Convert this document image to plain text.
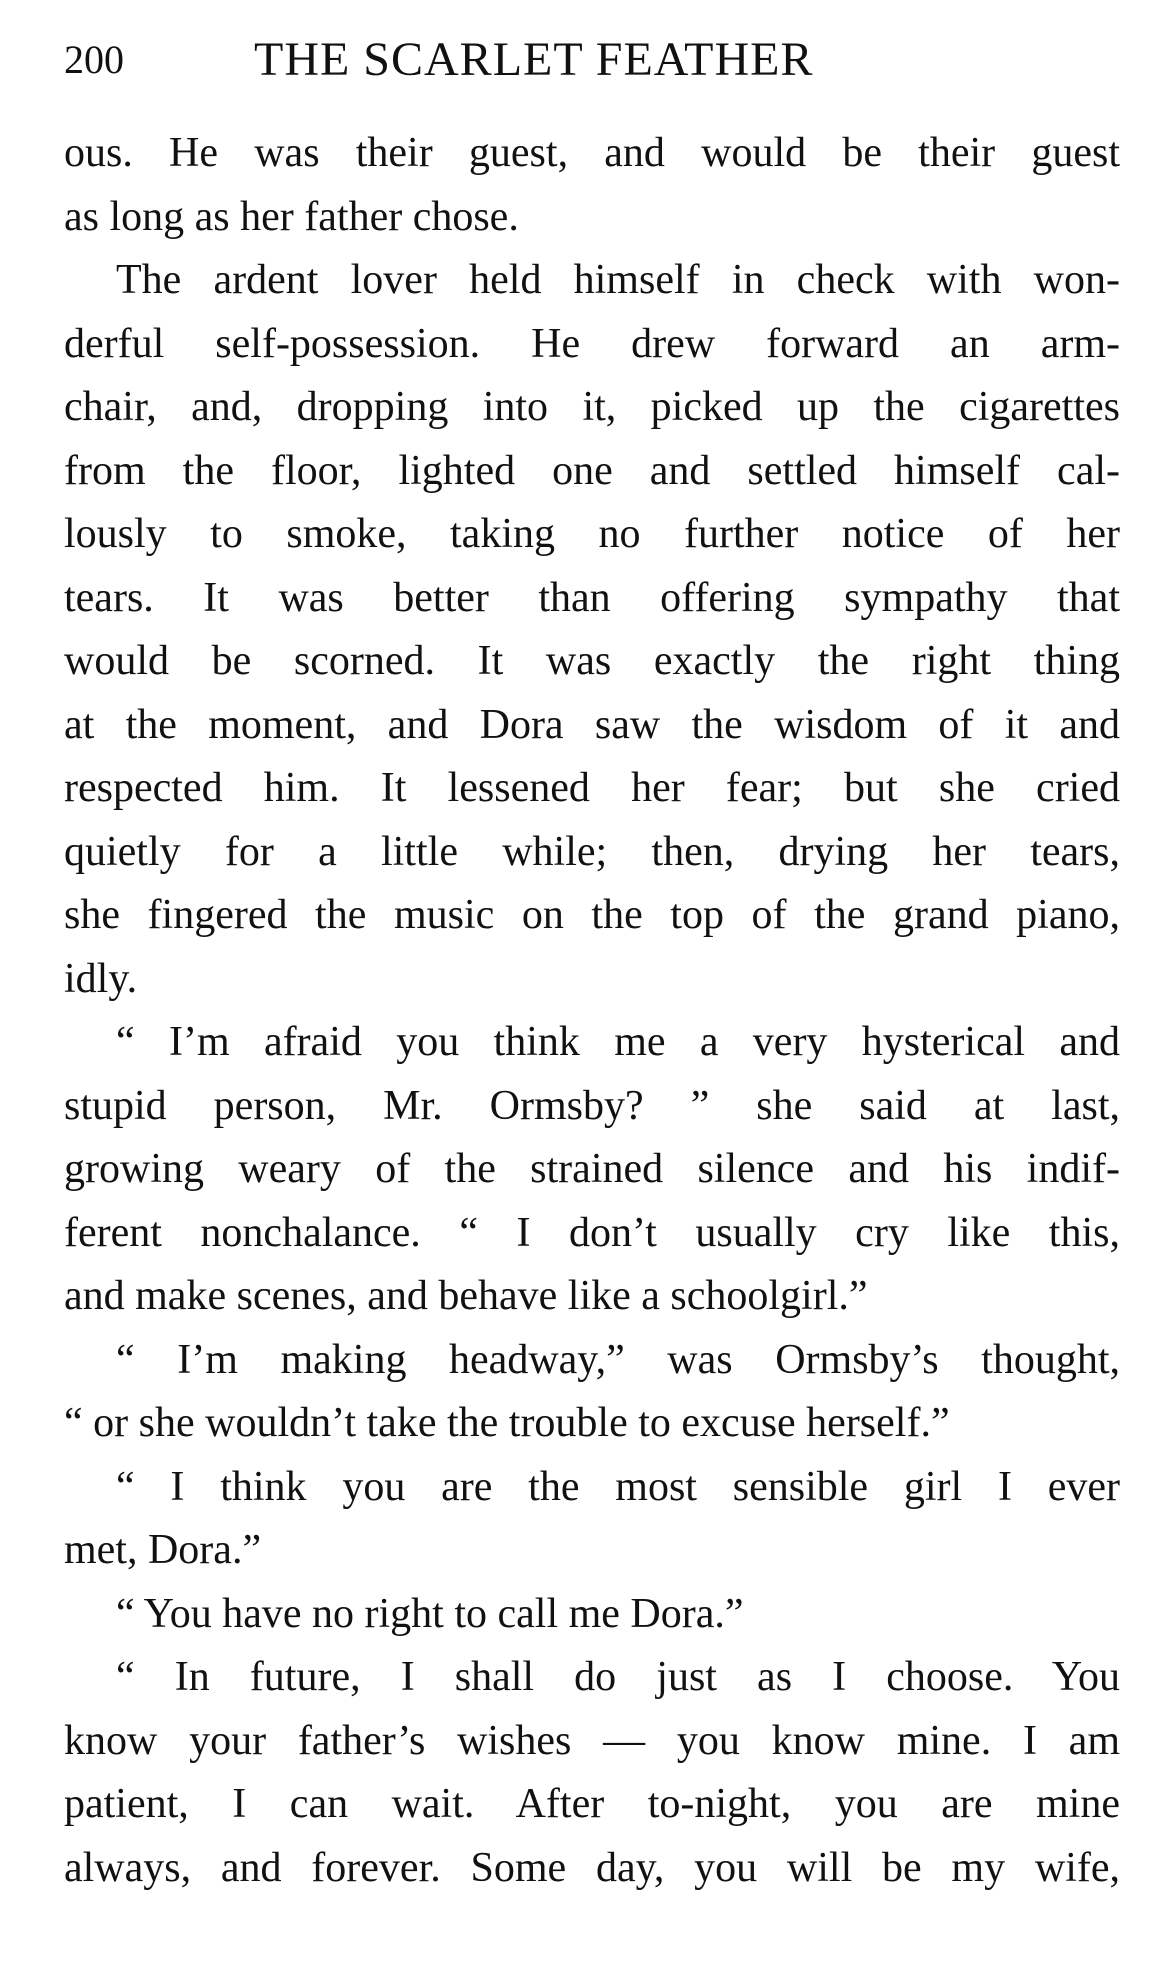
200	THE SCARLET FEATHER
ous. He was their guest, and would be their guest
as long as her father chose.
The ardent lover held himself in check with won-
derful self-possession. He drew forward an arm-
chair, and, dropping into it, picked up the cigarettes
from the floor, lighted one and settled himself cal-
lously to smoke, taking no further notice of her
tears. It was better than offering sympathy that
would be scorned. It was exactly the right thing
at the moment, and Dora saw the wisdom of it and
respected him. It lessened her fear; but she cried
quietly for a little while; then, drying her tears,
she fingered the music on the top of the grand piano,
idly.
“ I’m afraid you think me a very hysterical and
stupid person, Mr. Ormsby? ” she said at last,
growing weary of the strained silence and his indif-
ferent nonchalance. “ I don’t usually cry like this,
and make scenes, and behave like a schoolgirl.”
“ I’m making headway,” was Ormsby’s thought,
“ or she wouldn’t take the trouble to excuse herself.”
“ I think you are the most sensible girl I ever
met, Dora.”
“ You have no right to call me Dora.”
“ In future, I shall do just as I choose. You
know your father’s wishes — you know mine. I am
patient, I can wait. After to-night, you are mine
always, and forever. Some day, you will be my wife,
